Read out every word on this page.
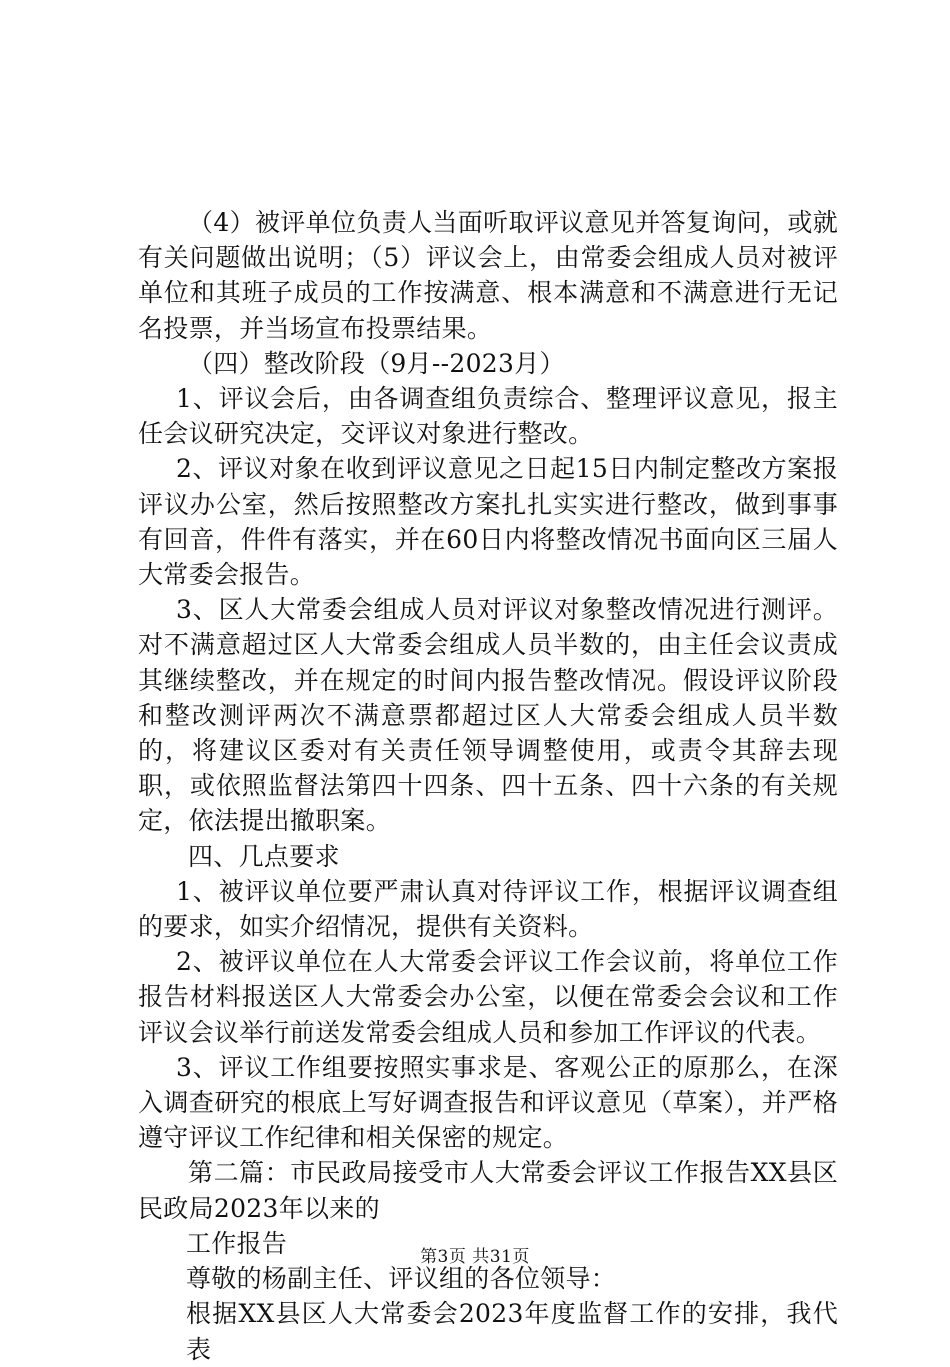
（4）被评单位负责人当面听取评议意见并答复询问，或就有关问题做出说明；（5）评议会上，由常委会组成人员对被评单位和其班子成员的工作按满意、根本满意和不满意进行无记名投票，并当场宣布投票结果。

（四）整改阶段（9月--2023月）

1、评议会后，由各调查组负责综合、整理评议意见，报主任会议研究决定，交评议对象进行整改。

2、评议对象在收到评议意见之日起15日内制定整改方案报评议办公室，然后按照整改方案扎扎实实进行整改，做到事事有回音，件件有落实，并在60日内将整改情况书面向区三届人大常委会报告。

3、区人大常委会组成人员对评议对象整改情况进行测评。对不满意超过区人大常委会组成人员半数的，由主任会议责成其继续整改，并在规定的时间内报告整改情况。假设评议阶段和整改测评两次不满意票都超过区人大常委会组成人员半数的，将建议区委对有关责任领导调整使用，或责令其辞去现职，或依照监督法第四十四条、四十五条、四十六条的有关规定，依法提出撤职案。

四、几点要求

1、被评议单位要严肃认真对待评议工作，根据评议调查组的要求，如实介绍情况，提供有关资料。

2、被评议单位在人大常委会评议工作会议前，将单位工作报告材料报送区人大常委会办公室，以便在常委会会议和工作评议会议举行前送发常委会组成人员和参加工作评议的代表。

3、评议工作组要按照实事求是、客观公正的原那么，在深入调查研究的根底上写好调查报告和评议意见（草案），并严格遵守评议工作纪律和相关保密的规定。

第二篇：市民政局接受市人大常委会评议工作报告XX县区民政局2023年以来的

工作报告

尊敬的杨副主任、评议组的各位领导：

根据XX县区人大常委会2023年度监督工作的安排，我代表

第3页 共31页
